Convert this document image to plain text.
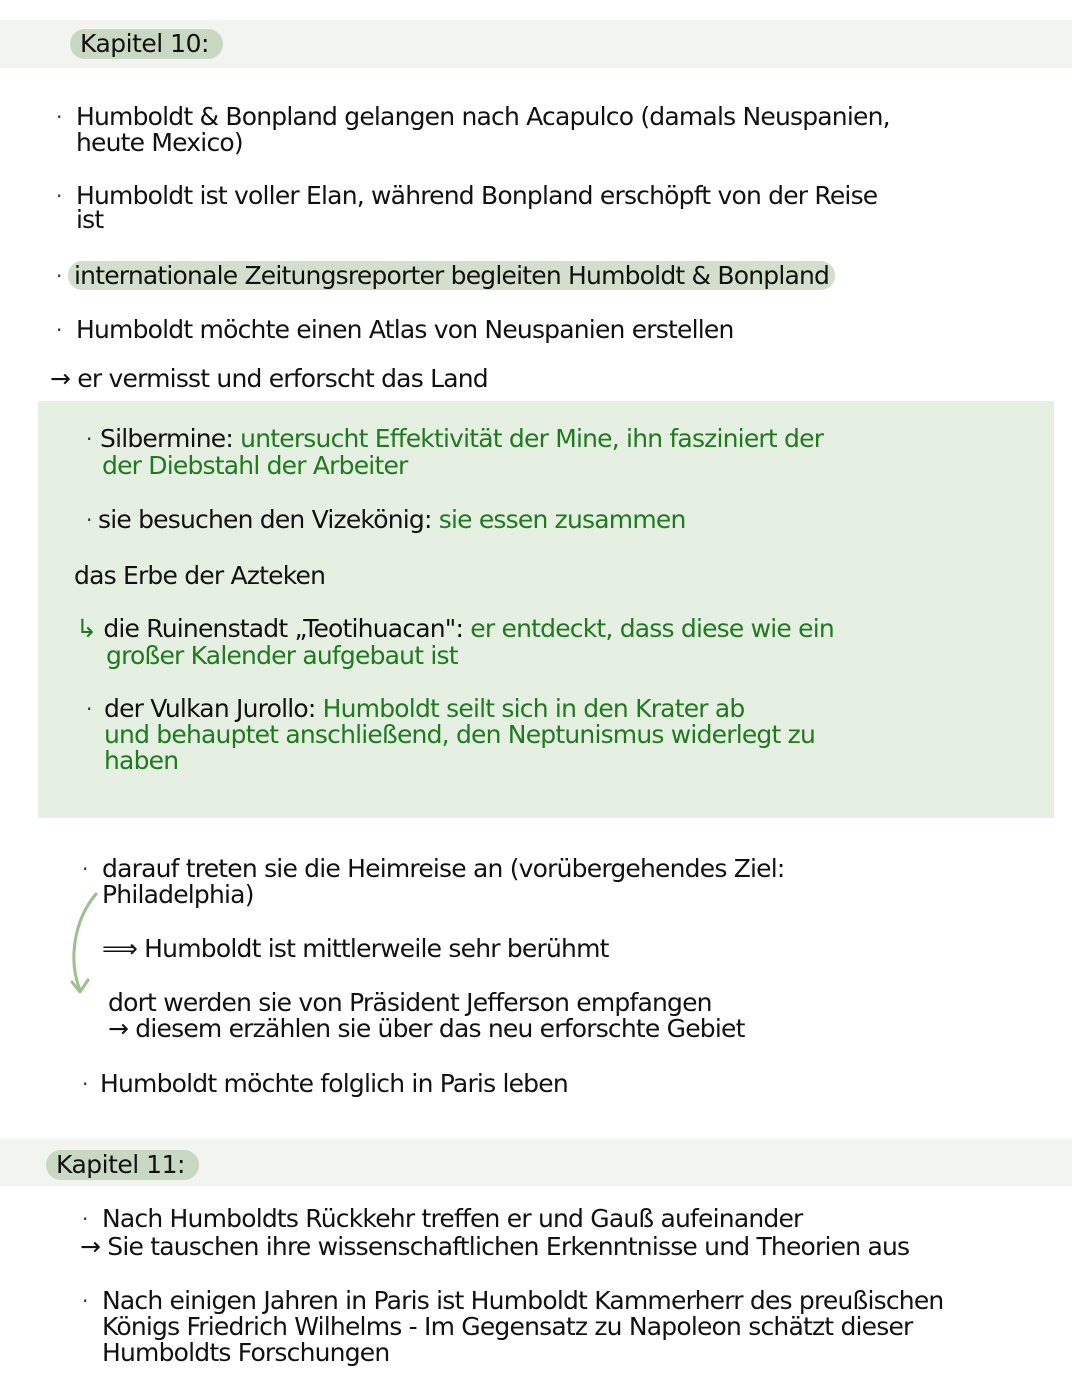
Kapitel 10:
· Humboldt & Bonpland gelangen nach Acapulco (damals Neuspanien,
heute Mexico)
· Humboldt ist voller Elan, während Bonpland erschöpft von der Reise
ist
· internationale Zeitungsreporter begleiten Humboldt & Bonpland
· Humboldt möchte einen Atlas von Neuspanien erstellen
→ er vermisst und erforscht das Land
· Silbermine: untersucht Effektivität der Mine, ihn fasziniert der
der Diebstahl der Arbeiter
· sie besuchen den Vizekönig: sie essen zusammen
das Erbe der Azteken
↳ die Ruinenstadt „Teotihuacan": er entdeckt, dass diese wie ein
großer Kalender aufgebaut ist
· der Vulkan Jurollo: Humboldt seilt sich in den Krater ab
und behauptet anschließend, den Neptunismus widerlegt zu
haben
· darauf treten sie die Heimreise an (vorübergehendes Ziel:
Philadelphia)
⟹ Humboldt ist mittlerweile sehr berühmt
dort werden sie von Präsident Jefferson empfangen
→ diesem erzählen sie über das neu erforschte Gebiet
· Humboldt möchte folglich in Paris leben
Kapitel 11:
· Nach Humboldts Rückkehr treffen er und Gauß aufeinander
→ Sie tauschen ihre wissenschaftlichen Erkenntnisse und Theorien aus
· Nach einigen Jahren in Paris ist Humboldt Kammerherr des preußischen
Königs Friedrich Wilhelms - Im Gegensatz zu Napoleon schätzt dieser
Humboldts Forschungen
